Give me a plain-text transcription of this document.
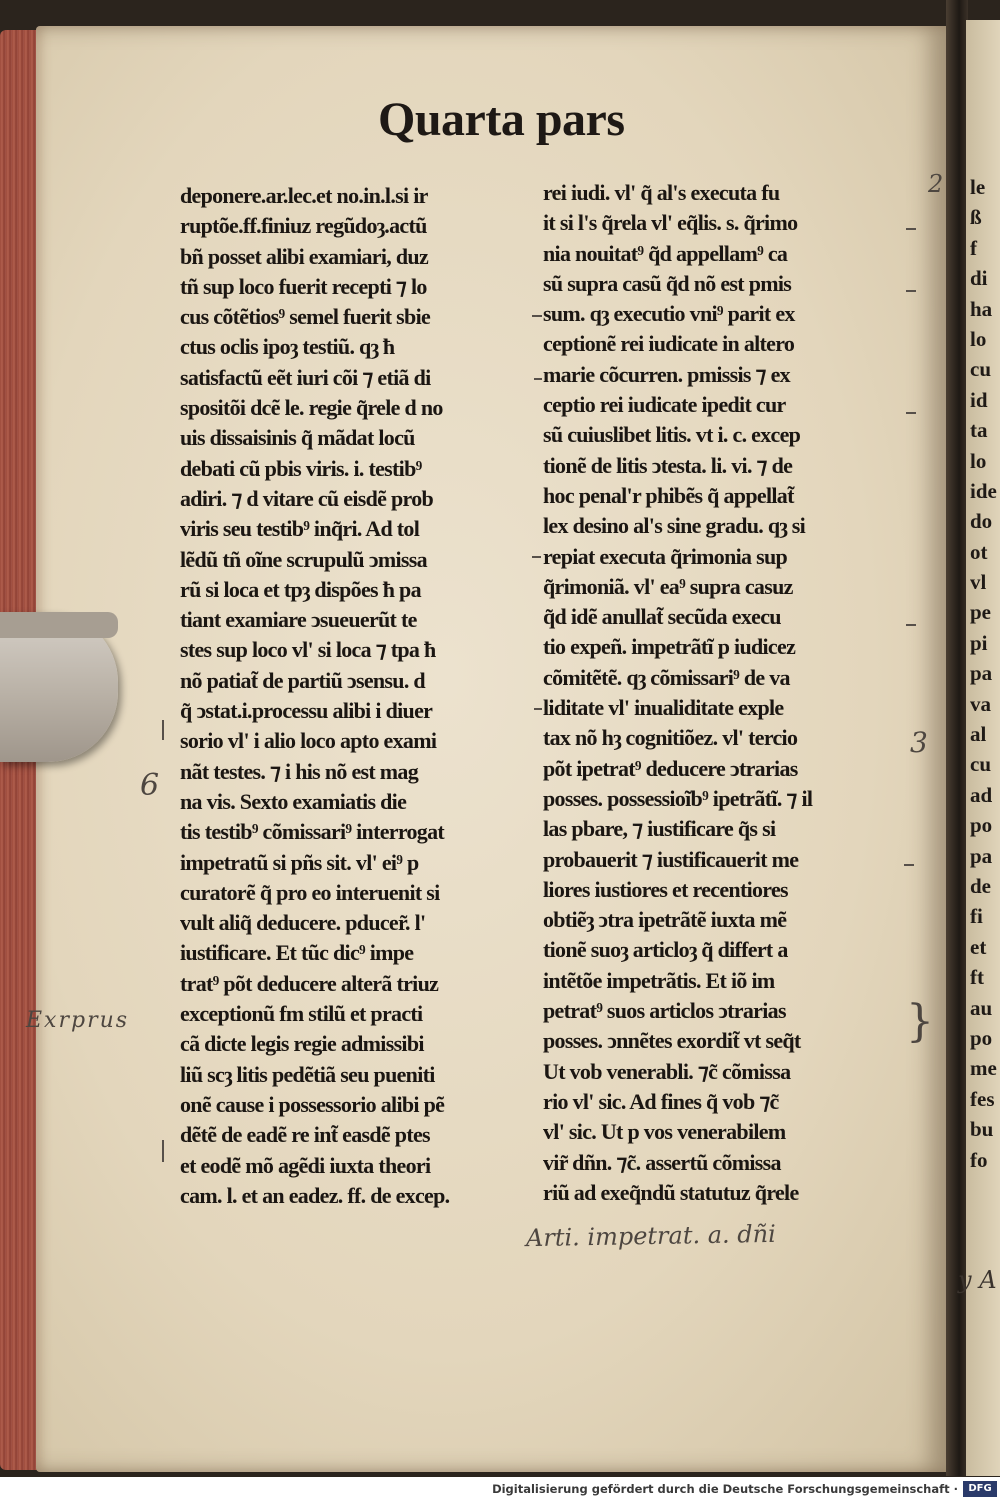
le
ß
f
di
ha
lo
cu
id
ta
lo
ide
do
ot
vl
pe
pi
pa
va
al
cu
ad
po
pa
de
fi
et
ft
au
po
me
fes
bu
fo
Quarta pars
deponere.ar.lec.et no.in.l.si ir
ruptõe.ff.finiuz regũdoȝ.actũ
bñ posset alibi examiari, duz
tñ sup loco fuerit recepti ⁊ lo
cus cõtẽtios⁹ semel fuerit sbie
ctus oclis ipoȝ testiũ. qȝ ħ
satisfactũ eẽt iuri cõi ⁊ etiã di
spositõi dcẽ le. regie q̃rele d no
uis dissaisinis q̃ mãdat locũ
debati cũ pbis viris. i. testib⁹
adiri. ⁊ d vitare cũ eisdẽ prob
viris seu testib⁹ inq̃ri. Ad tol
lẽdũ tñ oĩne scrupulũ ↄmissa
rũ si loca et tpȝ dispões ħ pa
tiant examiare ↄsueuerũt te
stes sup loco vl' si loca ⁊ tpa ħ
nõ patiat̃ de partiũ ↄsensu. d
q̃ ↄstat.i.processu alibi i diuer
sorio vl' i alio loco apto exami
nãt testes. ⁊ i his nõ est mag
na vis. Sexto examiatis die
tis testib⁹ cõmissari⁹ interrogat
impetratũ si pñs sit. vl' ei⁹ p
curatorẽ q̃ pro eo interuenit si
vult aliq̃ deducere. pducer̃. l'
iustificare. Et tũc dic⁹ impe
trat⁹ põt deducere alterã triuz
exceptionũ fm stilũ et practi
cã dicte legis regie admissibi
liũ scȝ litis pedẽtiã seu pueniti
onẽ cause i possessorio alibi pẽ
dẽtẽ de eadẽ re int̃ easdẽ ptes
et eodẽ mõ agẽdi iuxta theori
cam. l. et an eadez. ff. de excep.
rei iudi. vl' q̃ al's executa fu
it si l's q̃rela vl' eq̃lis. s. q̃rimo
nia nouitat⁹ q̃d appellam⁹ ca
sũ supra casũ q̃d nõ est pmis
sum. qȝ executio vni⁹ parit ex
ceptionẽ rei iudicate in altero
marie cõcurren. pmissis ⁊ ex
ceptio rei iudicate ipedit cur
sũ cuiuslibet litis. vt i. c. excep
tionẽ de litis ↄtesta. li. vi. ⁊ de
hoc penal'r phibẽs q̃ appellat̃
lex desino al's sine gradu. qȝ si
repiat executa q̃rimonia sup
q̃rimoniã. vl' ea⁹ supra casuz
q̃d idẽ anullat̃ secũda execu
tio expeñ. impetrãtĩ p iudicez
cõmitẽtẽ. qȝ cõmissari⁹ de va
liditate vl' inualiditate exple
tax nõ hȝ cognitiõez. vl' tercio
põt ipetrat⁹ deducere ↄtrarias
posses. possessioĩb⁹ ipetrãtĩ. ⁊ il
las pbare, ⁊ iustificare q̃s si
probauerit ⁊ iustificauerit me
liores iustiores et recentiores
obtiẽȝ ↄtra ipetrãtẽ iuxta mẽ
tionẽ suoȝ articloȝ q̃ differt a
intẽtõe impetrãtis. Et iõ im
petrat⁹ suos articlos ↄtrarias
posses. ↄnnẽtes exordit̃ vt seq̃t
Ut vob venerabli. ⁊c̃ cõmissa
rio vl' sic. Ad fines q̃ vob ⁊c̃
vl' sic. Ut p vos venerabilem
vir̃ dñn. ⁊c̃. assertũ cõmissa
riũ ad exeq̃ndũ statutuz q̃rele
2
3
6
Exrprus	}
Arti. impetrat. a. dñi
y A
Digitalisierung gefördert durch die Deutsche Forschungsgemeinschaft ·	DFG
